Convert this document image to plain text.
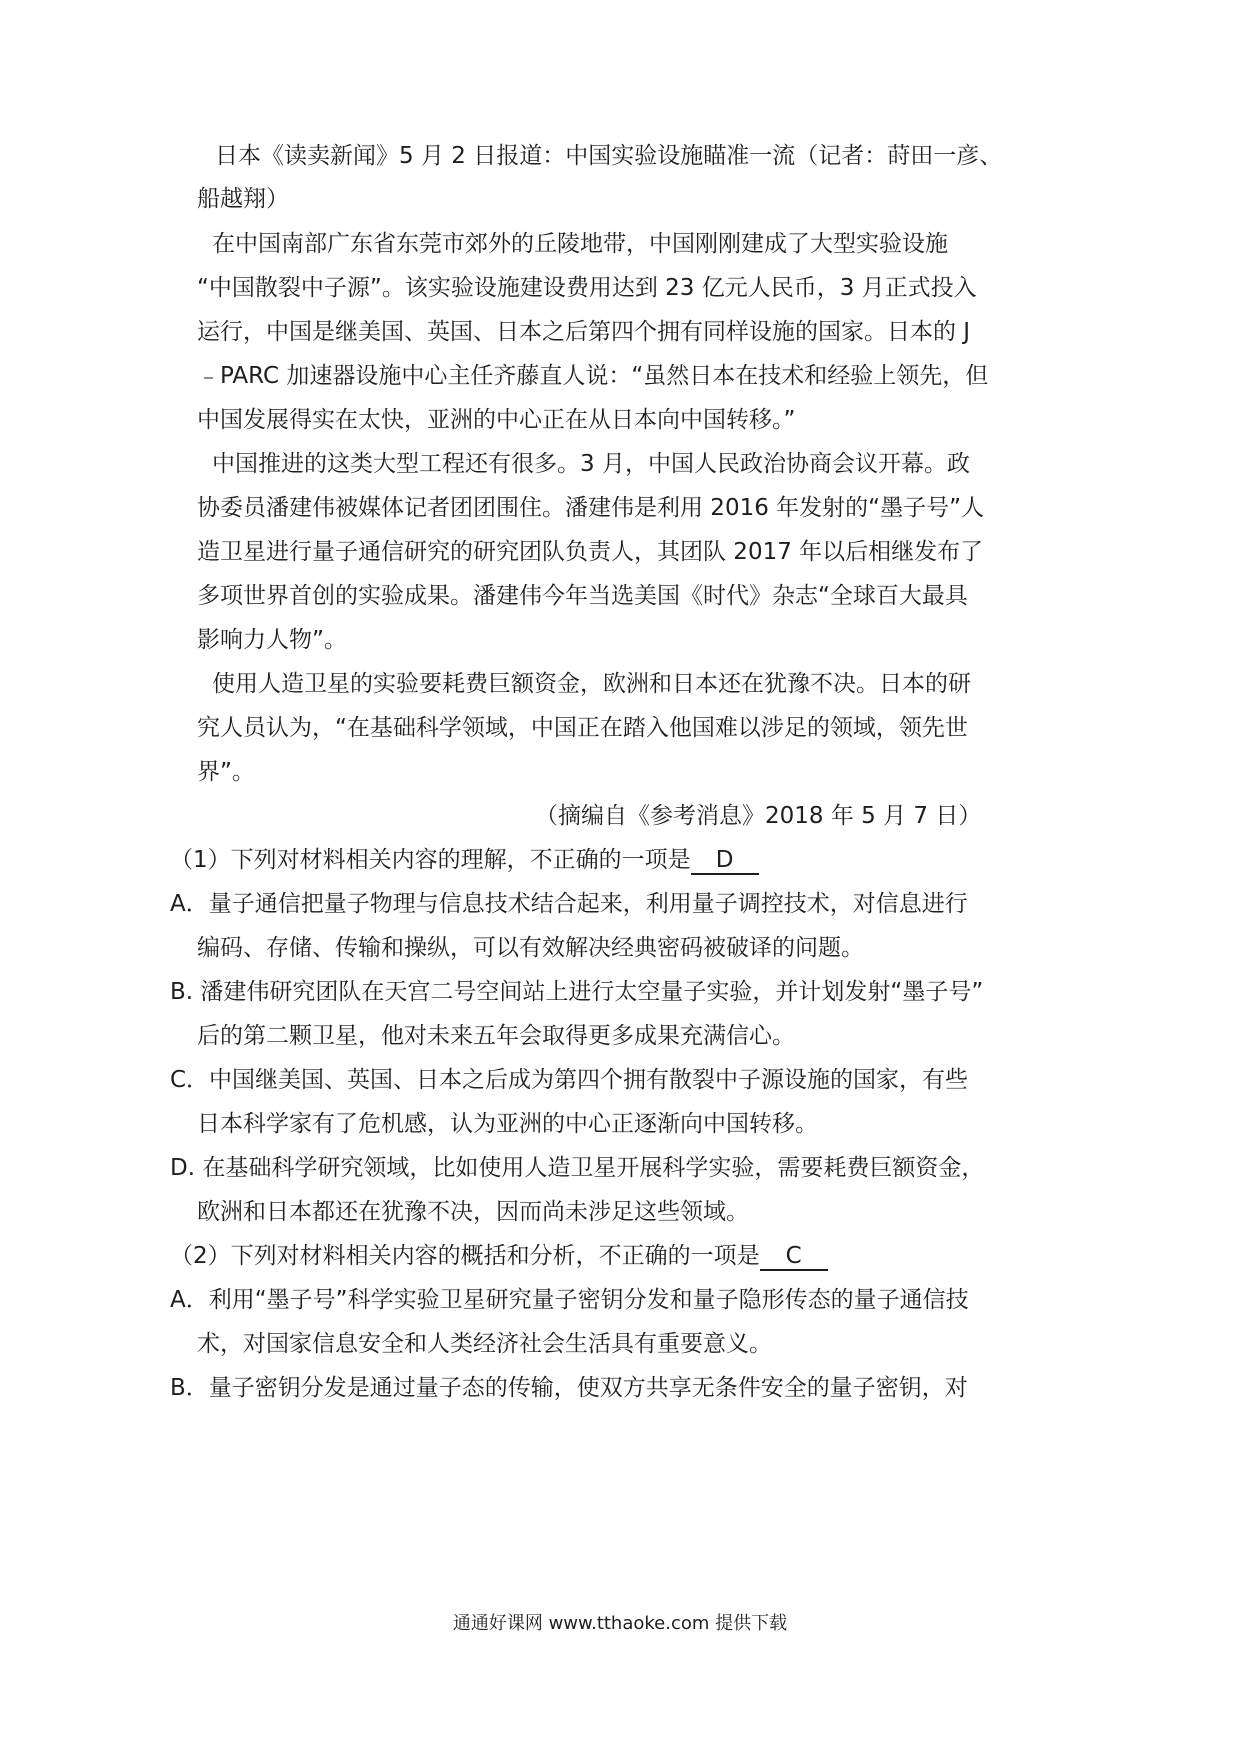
日本《读卖新闻》5 月 2 日报道：中国实验设施瞄准一流（记者：莳田一彦、
船越翔）
在中国南部广东省东莞市郊外的丘陵地带，中国刚刚建成了大型实验设施
“中国散裂中子源”。该实验设施建设费用达到 23 亿元人民币，3 月正式投入
运行，中国是继美国、英国、日本之后第四个拥有同样设施的国家。日本的 J
﹣PARC 加速器设施中心主任齐藤直人说：“虽然日本在技术和经验上领先，但
中国发展得实在太快，亚洲的中心正在从日本向中国转移。”
中国推进的这类大型工程还有很多。3 月，中国人民政治协商会议开幕。政
协委员潘建伟被媒体记者团团围住。潘建伟是利用 2016 年发射的“墨子号”人
造卫星进行量子通信研究的研究团队负责人，其团队 2017 年以后相继发布了
多项世界首创的实验成果。潘建伟今年当选美国《时代》杂志“全球百大最具
影响力人物”。
使用人造卫星的实验要耗费巨额资金，欧洲和日本还在犹豫不决。日本的研
究人员认为，“在基础科学领域，中国正在踏入他国难以涉足的领域，领先世
界”。
（摘编自《参考消息》2018 年 5 月 7 日）
（1）下列对材料相关内容的理解，不正确的一项是 D
A．量子通信把量子物理与信息技术结合起来，利用量子调控技术，对信息进行
编码、存储、传输和操纵，可以有效解决经典密码被破译的问题。
B. 潘建伟研究团队在天宫二号空间站上进行太空量子实验，并计划发射“墨子号”
后的第二颗卫星，他对未来五年会取得更多成果充满信心。
C．中国继美国、英国、日本之后成为第四个拥有散裂中子源设施的国家，有些
日本科学家有了危机感，认为亚洲的中心正逐渐向中国转移。
D. 在基础科学研究领域，比如使用人造卫星开展科学实验，需要耗费巨额资金，
欧洲和日本都还在犹豫不决，因而尚未涉足这些领域。
（2）下列对材料相关内容的概括和分析，不正确的一项是 C
A．利用“墨子号”科学实验卫星研究量子密钥分发和量子隐形传态的量子通信技
术，对国家信息安全和人类经济社会生活具有重要意义。
B．量子密钥分发是通过量子态的传输，使双方共享无条件安全的量子密钥，对
通通好课网 www.tthaoke.com 提供下载
